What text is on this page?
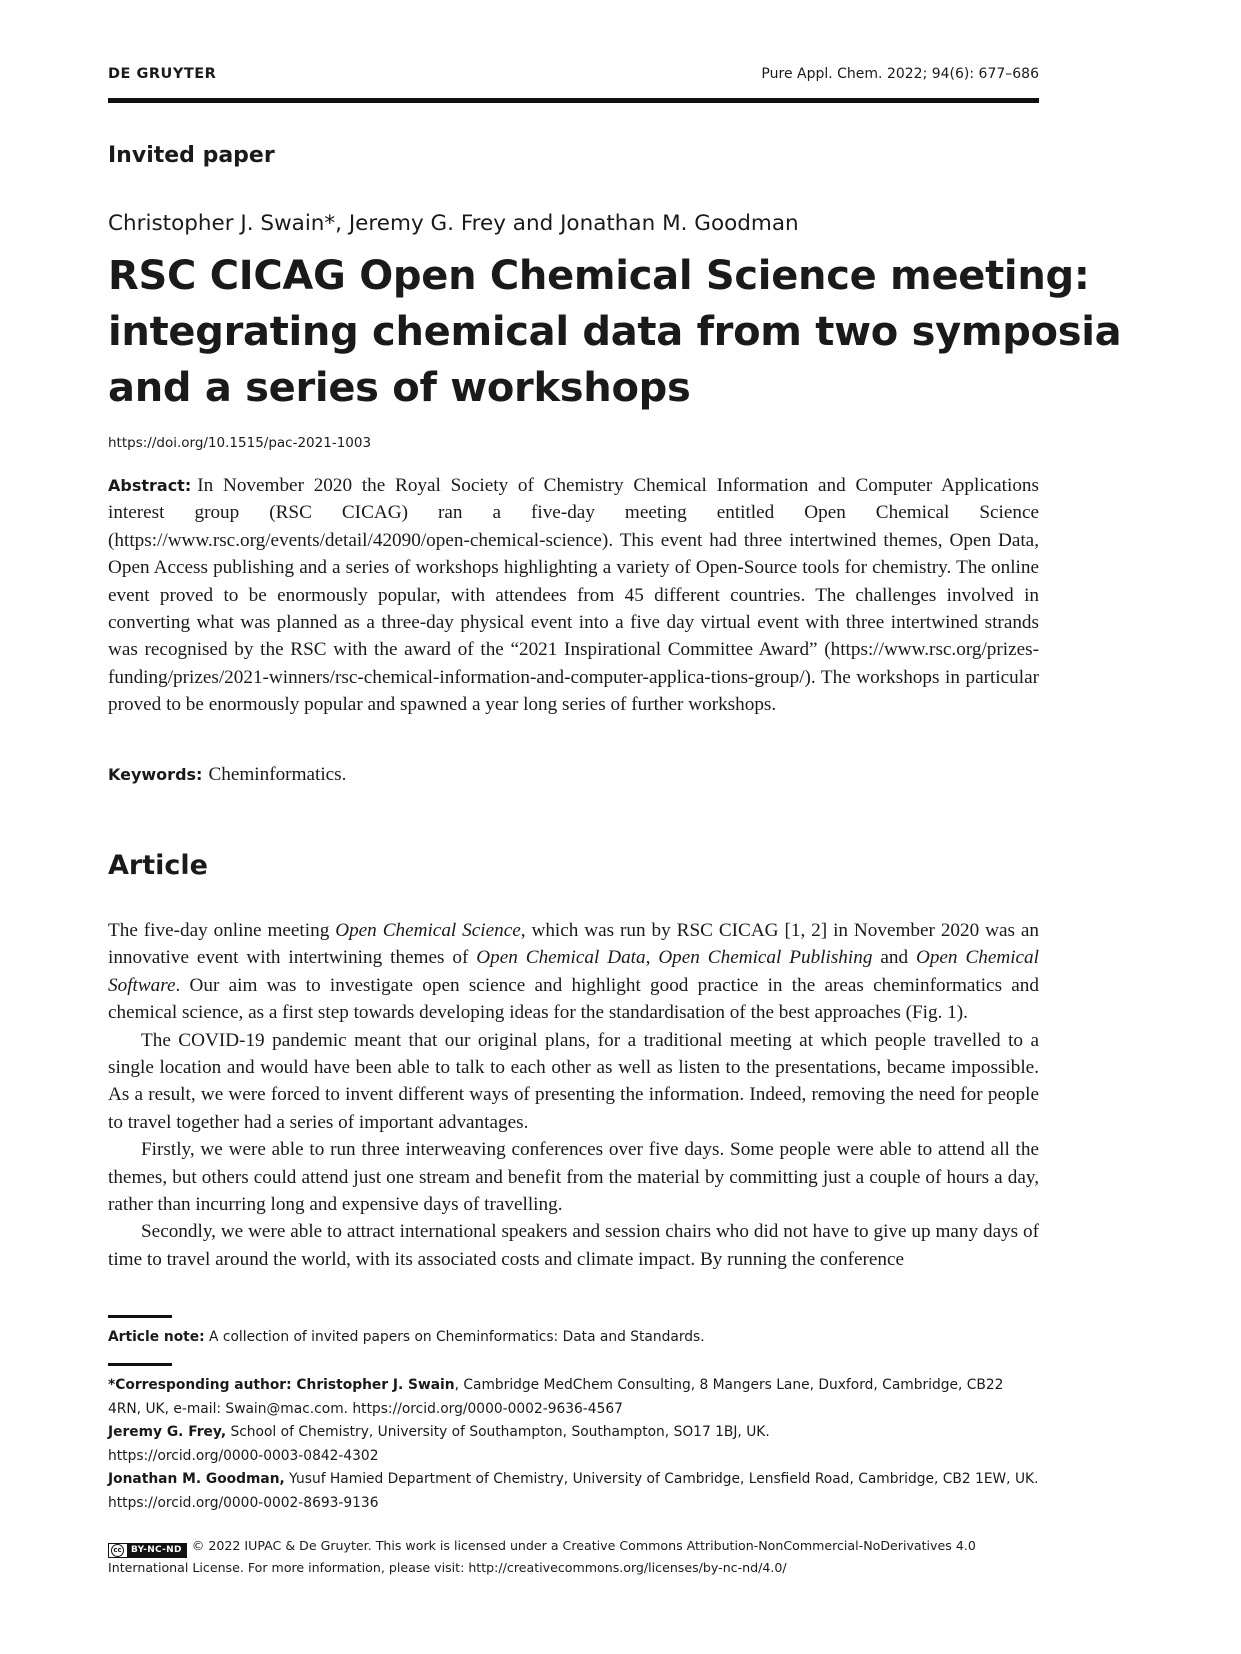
DE GRUYTER	Pure Appl. Chem. 2022; 94(6): 677–686
Invited paper
Christopher J. Swain*, Jeremy G. Frey and Jonathan M. Goodman
RSC CICAG Open Chemical Science meeting:
integrating chemical data from two symposia
and a series of workshops
https://doi.org/10.1515/pac-2021-1003

Abstract: In November 2020 the Royal Society of Chemistry Chemical Information and Computer Applications interest group (RSC CICAG) ran a five-day meeting entitled Open Chemical Science (https://www.rsc.org/events/detail/42090/open-chemical-science). This event had three intertwined themes, Open Data, Open Access publishing and a series of workshops highlighting a variety of Open-Source tools for chemistry. The online event proved to be enormously popular, with attendees from 45 different countries. The challenges involved in converting what was planned as a three-day physical event into a five day virtual event with three intertwined strands was recognised by the RSC with the award of the “2021 Inspirational Committee Award” (https://www.rsc.org/prizes-funding/prizes/2021-winners/rsc-chemical-information-and-computer-applica-tions-group/). The workshops in particular proved to be enormously popular and spawned a year long series of further workshops.

Keywords: Cheminformatics.
Article

The five-day online meeting Open Chemical Science, which was run by RSC CICAG [1, 2] in November 2020 was an innovative event with intertwining themes of Open Chemical Data, Open Chemical Publishing and Open Chemical Software. Our aim was to investigate open science and highlight good practice in the areas cheminformatics and chemical science, as a first step towards developing ideas for the standardisation of the best approaches (Fig. 1).

The COVID-19 pandemic meant that our original plans, for a traditional meeting at which people travelled to a single location and would have been able to talk to each other as well as listen to the presentations, became impossible. As a result, we were forced to invent different ways of presenting the information. Indeed, removing the need for people to travel together had a series of important advantages.

Firstly, we were able to run three interweaving conferences over five days. Some people were able to attend all the themes, but others could attend just one stream and benefit from the material by committing just a couple of hours a day, rather than incurring long and expensive days of travelling.

Secondly, we were able to attract international speakers and session chairs who did not have to give up many days of time to travel around the world, with its associated costs and climate impact. By running the conference

Article note: A collection of invited papers on Cheminformatics: Data and Standards.

*Corresponding author: Christopher J. Swain, Cambridge MedChem Consulting, 8 Mangers Lane, Duxford, Cambridge, CB22 4RN, UK, e-mail: Swain@mac.com. https://orcid.org/0000-0002-9636-4567

Jeremy G. Frey, School of Chemistry, University of Southampton, Southampton, SO17 1BJ, UK.

https://orcid.org/0000-0003-0842-4302

Jonathan M. Goodman, Yusuf Hamied Department of Chemistry, University of Cambridge, Lensfield Road, Cambridge, CB2 1EW, UK.

https://orcid.org/0000-0002-8693-9136

cc BY-NC-ND © 2022 IUPAC & De Gruyter. This work is licensed under a Creative Commons Attribution-NonCommercial-NoDerivatives 4.0 International License. For more information, please visit: http://creativecommons.org/licenses/by-nc-nd/4.0/
